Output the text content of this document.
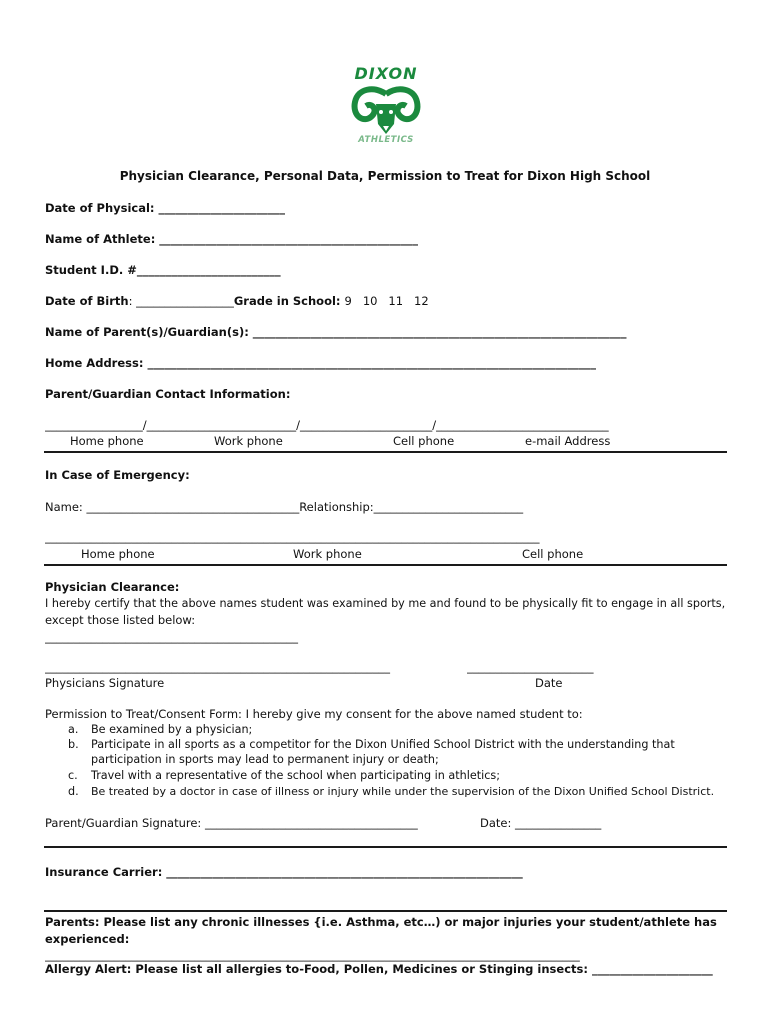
DIXON
ATHLETICS
Physician Clearance, Personal Data, Permission to Treat for Dixon High School
Date of Physical: ______________________
Name of Athlete: _____________________________________________
Student I.D. #_________________________
Date of Birth: _________________Grade in School: 9   10   11   12
Name of Parent(s)/Guardian(s): _________________________________________________________________
Home Address: ______________________________________________________________________________
Parent/Guardian Contact Information:
_________________/__________________________/_______________________/______________________________
Home phone	Work phone	Cell phone	e-mail Address
In Case of Emergency:
Name: _____________________________________Relationship:__________________________
______________________________________________________________________________________
Home phone	Work phone	Cell phone
Physician Clearance:
I hereby certify that the above names student was examined by me and found to be physically fit to engage in all sports,
except those listed below:
____________________________________________
____________________________________________________________	______________________
Physicians Signature	Date
Permission to Treat/Consent Form: I hereby give my consent for the above named student to:
a. Be examined by a physician;
b. Participate in all sports as a competitor for the Dixon Unified School District with the understanding that
participation in sports may lead to permanent injury or death;
c. Travel with a representative of the school when participating in athletics;
d. Be treated by a doctor in case of illness or injury while under the supervision of the Dixon Unified School District.
Parent/Guardian Signature: _____________________________________	Date: _______________
Insurance Carrier: ______________________________________________________________
Parents: Please list any chronic illnesses {i.e. Asthma, etc…) or major injuries your student/athlete has
experienced:
_____________________________________________________________________________________________
Allergy Alert: Please list all allergies to-Food, Pollen, Medicines or Stinging insects: _____________________
